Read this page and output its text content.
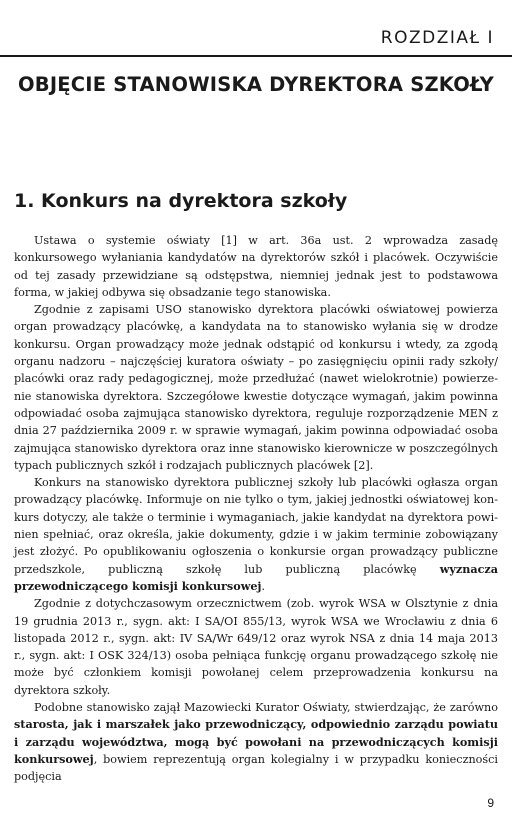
ROZDZIAŁ I
OBJĘCIE STANOWISKA DYREKTORA SZKOŁY
1. Konkurs na dyrektora szkoły

Ustawa o systemie oświaty [1] w art. 36a ust. 2 wprowadza zasadę konkursowego wyłaniania kandydatów na dyrektorów szkół i placówek. Oczywiście od tej zasady przewidziane są odstępstwa, niemniej jednak jest to podstawowa forma, w jakiej odbywa się obsadzanie tego stanowiska.

Zgodnie z zapisami USO stanowisko dyrektora placówki oświatowej powierza organ prowadzący placówkę, a kandydata na to stanowisko wyłania się w drodze konkursu. Organ prowadzący może jednak odstąpić od konkursu i wtedy, za zgodą organu nadzoru – najczęściej kuratora oświaty – po zasięgnięciu opinii rady szkoły/ placówki oraz rady pedagogicznej, może przedłużać (nawet wielokrotnie) powierzenie stanowiska dyrektora. Szczegółowe kwestie dotyczące wymagań, jakim powinna odpowiadać osoba zajmująca stanowisko dyrektora, reguluje rozporządzenie MEN z dnia 27 października 2009 r. w sprawie wymagań, jakim powinna odpowiadać osoba zajmująca stanowisko dyrektora oraz inne stanowisko kierownicze w poszczególnych typach publicznych szkół i rodzajach publicznych placówek [2].

Konkurs na stanowisko dyrektora publicznej szkoły lub placówki ogłasza organ prowadzący placówkę. Informuje on nie tylko o tym, jakiej jednostki oświatowej konkurs dotyczy, ale także o terminie i wymaganiach, jakie kandydat na dyrektora powinien spełniać, oraz określa, jakie dokumenty, gdzie i w jakim terminie zobowiązany jest złożyć. Po opublikowaniu ogłoszenia o konkursie organ prowadzący publiczne przedszkole, publiczną szkołę lub publiczną placówkę wyznacza przewodniczącego komisji konkursowej.

Zgodnie z dotychczasowym orzecznictwem (zob. wyrok WSA w Olsztynie z dnia 19 grudnia 2013 r., sygn. akt: I SA/OI 855/13, wyrok WSA we Wrocławiu z dnia 6 listopada 2012 r., sygn. akt: IV SA/Wr 649/12 oraz wyrok NSA z dnia 14 maja 2013 r., sygn. akt: I OSK 324/13) osoba pełniąca funkcję organu prowadzącego szkołę nie może być członkiem komisji powołanej celem przeprowadzenia konkursu na dyrektora szkoły.

Podobne stanowisko zajął Mazowiecki Kurator Oświaty, stwierdzając, że zarówno starosta, jak i marszałek jako przewodniczący, odpowiednio zarządu powiatu i zarządu województwa, mogą być powołani na przewodniczących komisji konkursowej, bowiem reprezentują organ kolegialny i w przypadku konieczności podjęcia

9
